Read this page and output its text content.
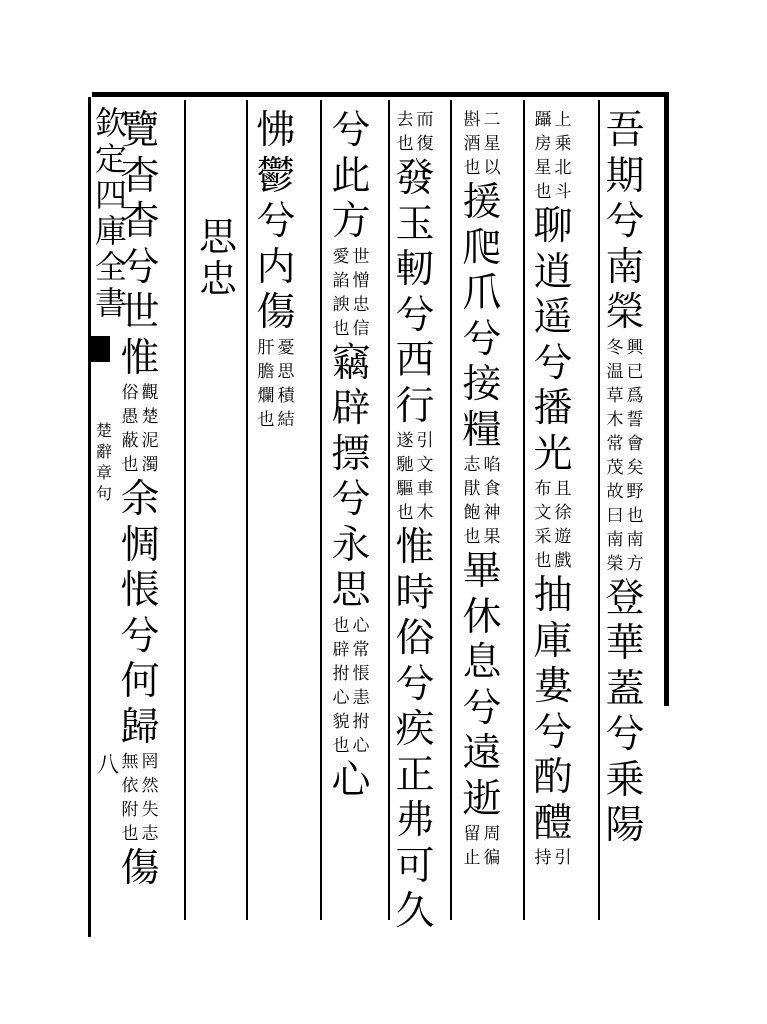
欽
定
四
庫
全
書
楚
辭
章
句
八
思
忠
吾
期
兮
南
榮
興
已
爲
誓
會
矣
野
也
南
方
冬
温
草
木
常
茂
故
曰
南
榮
登
華
蓋
兮
乗
陽
上
乗
北
斗
躡
房
星
也
聊
逍
遥
兮
播
光
且
徐
遊
戲
布
文
采
也
抽
庫
婁
兮
酌
醴
引
持
二
星
以
斟
酒
也
援
爬
爪
兮
接
糧
啗
食
神
果
志
猒
飽
也
畢
休
息
兮
遠
逝
周
徧
留
止
而
復
去
也
發
玉
軔
兮
西
行
引
文
車
木
遂
馳
驅
也
惟
時
俗
兮
疾
正
弗
可
久
兮
此
方
世
憎
忠
信
愛
諂
諛
也
竊
辟
摽
兮
永
思
心
常
悵
恚
拊
心
也
辟
拊
心
貌
也
心
怫
鬱
兮
内
傷
憂
思
積
結
肝
膽
爛
也
覽
杳
杳
兮
世
惟
觀
楚
泥
濁
俗
愚
蔽
也
余
惆
悵
兮
何
歸
罔
然
失
志
無
依
附
也
傷
